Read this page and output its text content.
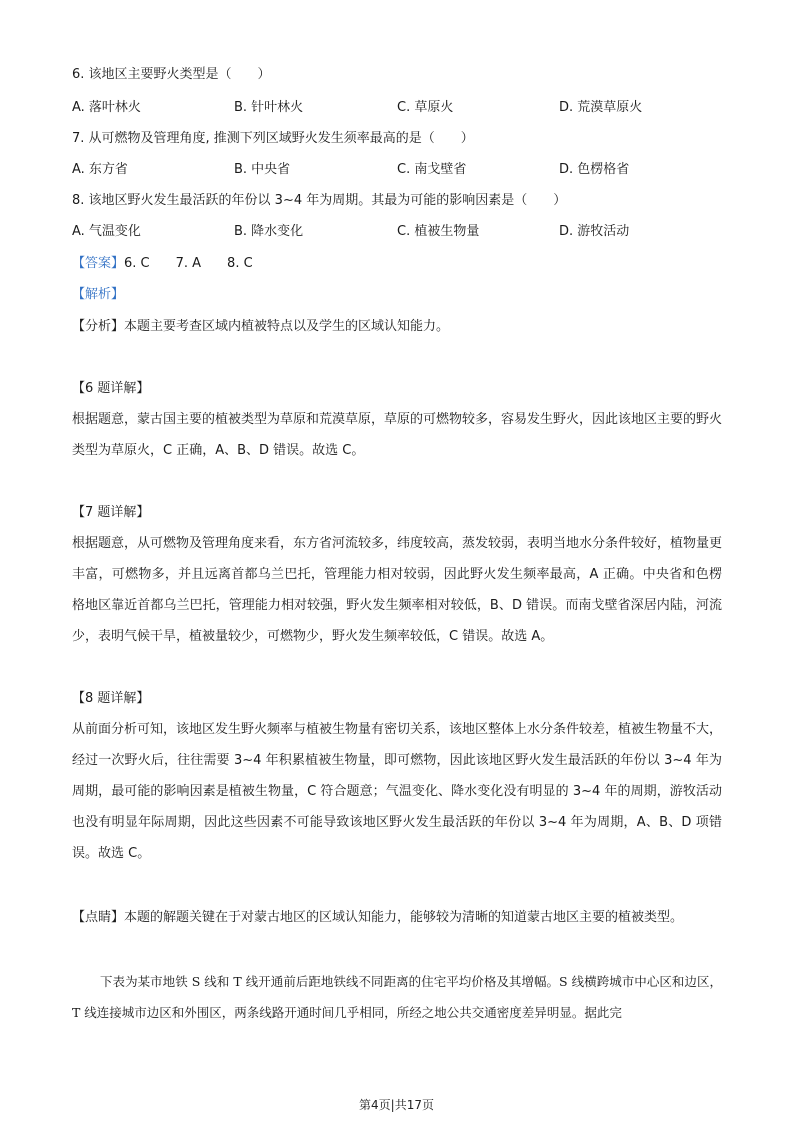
6. 该地区主要野火类型是（　　）
A. 落叶林火	B. 针叶林火	C. 草原火	D. 荒漠草原火
7. 从可燃物及管理角度, 推测下列区域野火发生须率最高的是（　　）
A. 东方省	B. 中央省	C. 南戈壁省	D. 色楞格省
8. 该地区野火发生最活跃的年份以 3~4 年为周期。其最为可能的影响因素是（　　）
A. 气温变化	B. 降水变化	C. 植被生物量	D. 游牧活动
【答案】6. C　　7. A　　8. C
【解析】
【分析】本题主要考查区域内植被特点以及学生的区域认知能力。
【6 题详解】

根据题意，蒙古国主要的植被类型为草原和荒漠草原，草原的可燃物较多，容易发生野火，因此该地区主要的野火类型为草原火，C 正确，A、B、D 错误。故选 C。

【7 题详解】

根据题意，从可燃物及管理角度来看，东方省河流较多，纬度较高，蒸发较弱，表明当地水分条件较好，植物量更丰富，可燃物多，并且远离首都乌兰巴托，管理能力相对较弱，因此野火发生频率最高，A 正确。中央省和色楞格地区靠近首都乌兰巴托，管理能力相对较强，野火发生频率相对较低，B、D 错误。而南戈壁省深居内陆，河流少，表明气候干旱，植被量较少，可燃物少，野火发生频率较低，C 错误。故选 A。

【8 题详解】

从前面分析可知，该地区发生野火频率与植被生物量有密切关系，该地区整体上水分条件较差，植被生物量不大，经过一次野火后，往往需要 3~4 年积累植被生物量，即可燃物，因此该地区野火发生最活跃的年份以 3~4 年为周期，最可能的影响因素是植被生物量，C 符合题意；气温变化、降水变化没有明显的 3~4 年的周期，游牧活动也没有明显年际周期，因此这些因素不可能导致该地区野火发生最活跃的年份以 3~4 年为周期，A、B、D 项错误。故选 C。

【点睛】本题的解题关键在于对蒙古地区的区域认知能力，能够较为清晰的知道蒙古地区主要的植被类型。

下表为某市地铁 S 线和 T 线开通前后距地铁线不同距离的住宅平均价格及其增幅。S 线横跨城市中心区和边区，T 线连接城市边区和外围区，两条线路开通时间几乎相同，所经之地公共交通密度差异明显。据此完

第4页|共17页
